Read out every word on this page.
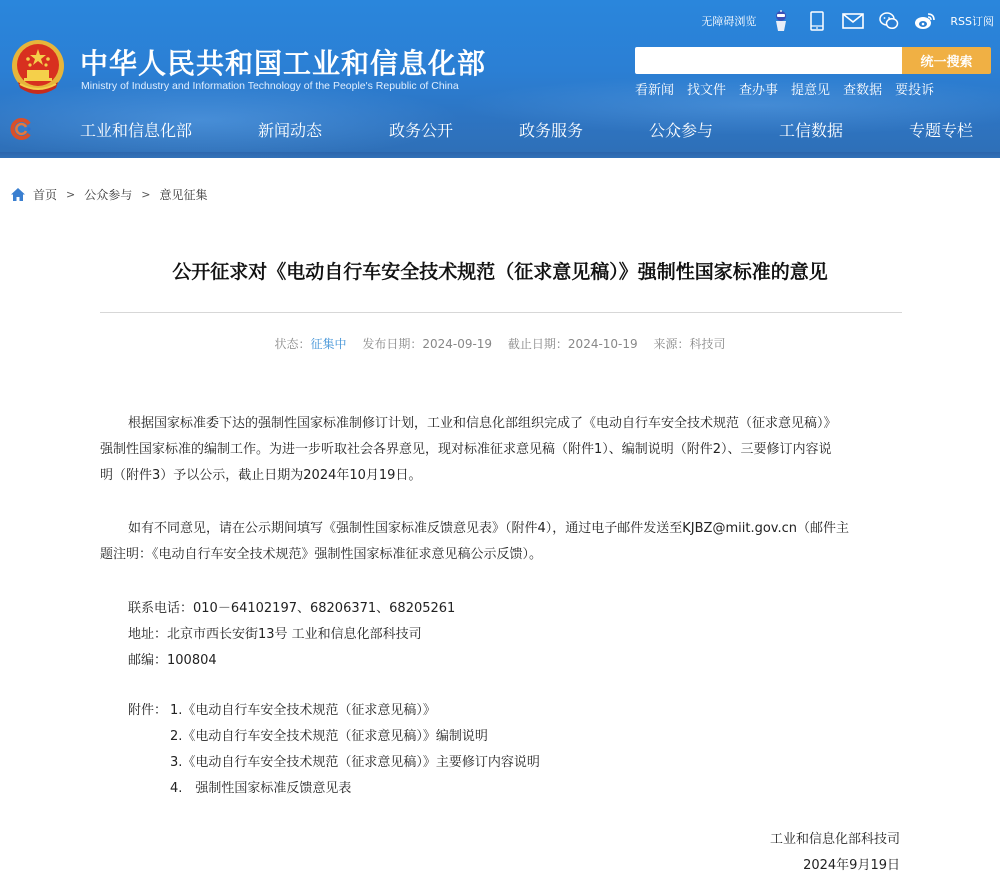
中华人民共和国工业和信息化部
Ministry of Industry and Information Technology of the People's Republic of China
无障碍浏览	RSS订阅
统一搜索
看新闻 找文件 查办事 提意见 查数据 要投诉
工业和信息化部	新闻动态	政务公开	政务服务	公众参与	工信数据	专题专栏
首页 > 公众参与 > 意见征集
公开征求对《电动自行车安全技术规范（征求意见稿）》强制性国家标准的意见
状态：征集中 发布日期：2024-09-19 截止日期：2024-10-19 来源：科技司
根据国家标准委下达的强制性国家标准制修订计划，工业和信息化部组织完成了《电动自行车安全技术规范（征求意见稿）》
强制性国家标准的编制工作。为进一步听取社会各界意见，现对标准征求意见稿（附件1）、编制说明（附件2）、三要修订内容说
明（附件3）予以公示，截止日期为2024年10月19日。
如有不同意见，请在公示期间填写《强制性国家标准反馈意见表》（附件4），通过电子邮件发送至KJBZ@miit.gov.cn（邮件主
题注明：《电动自行车安全技术规范》强制性国家标准征求意见稿公示反馈）。
联系电话：010－64102197、68206371、68205261
地址：北京市西长安街13号 工业和信息化部科技司
邮编：100804
附件： 1.《电动自行车安全技术规范（征求意见稿）》
2.《电动自行车安全技术规范（征求意见稿）》编制说明
3.《电动自行车安全技术规范（征求意见稿）》主要修订内容说明
4.　强制性国家标准反馈意见表
工业和信息化部科技司
2024年9月19日
